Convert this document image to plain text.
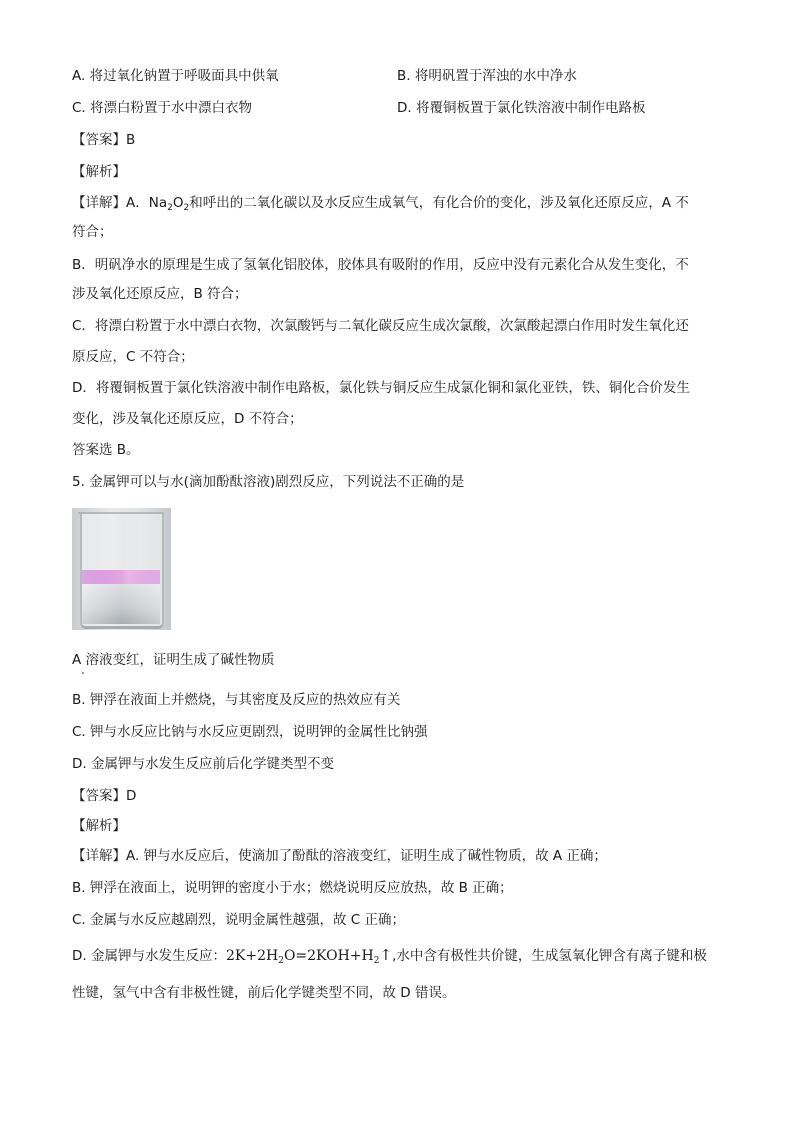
A. 将过氧化钠置于呼吸面具中供氧	B. 将明矾置于浑浊的水中净水
C. 将漂白粉置于水中漂白衣物	D. 将覆铜板置于氯化铁溶液中制作电路板
【答案】B
【解析】
【详解】A．$Na_2O_2$和呼出的二氧化碳以及水反应生成氧气，有化合价的变化，涉及氧化还原反应，A 不
符合；
B．明矾净水的原理是生成了氢氧化铝胶体，胶体具有吸附的作用，反应中没有元素化合从发生变化，不
涉及氧化还原反应，B 符合；
C．将漂白粉置于水中漂白衣物，次氯酸钙与二氧化碳反应生成次氯酸，次氯酸起漂白作用时发生氧化还
原反应，C 不符合；
D．将覆铜板置于氯化铁溶液中制作电路板，氯化铁与铜反应生成氯化铜和氯化亚铁，铁、铜化合价发生
变化，涉及氧化还原反应，D 不符合；
答案选 B。
5. 金属钾可以与水(滴加酚酞溶液)剧烈反应，下列说法不正确的是
A 溶液变红，证明生成了碱性物质
B. 钾浮在液面上并燃烧，与其密度及反应的热效应有关
C. 钾与水反应比钠与水反应更剧烈，说明钾的金属性比钠强
D. 金属钾与水发生反应前后化学键类型不变
【答案】D
【解析】
【详解】A. 钾与水反应后，使滴加了酚酞的溶液变红，证明生成了碱性物质，故 A 正确；
B. 钾浮在液面上，说明钾的密度小于水；燃烧说明反应放热，故 B 正确；
C. 金属与水反应越剧烈，说明金属性越强，故 C 正确；
D. 金属钾与水发生反应：$2K+2H_2O=2KOH+H_2↑$,水中含有极性共价键，生成氢氧化钾含有离子键和极
性键，氢气中含有非极性键，前后化学键类型不同，故 D 错误。
